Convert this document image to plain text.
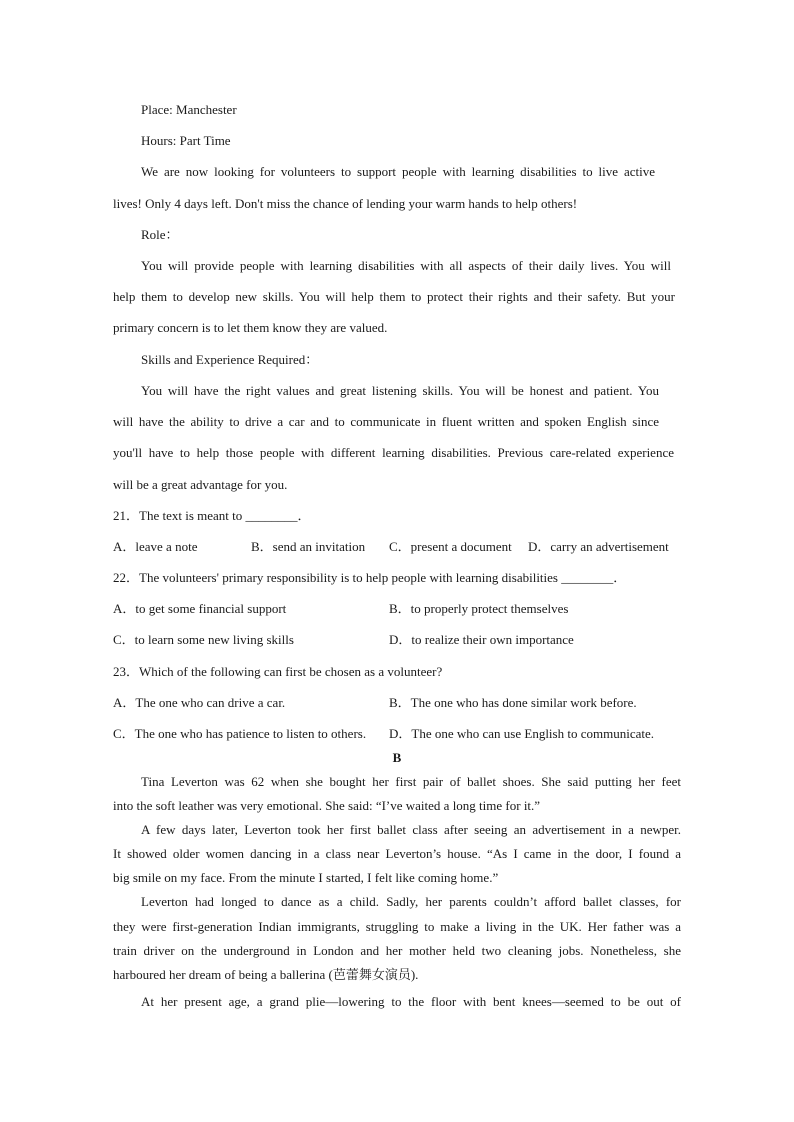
Place: Manchester
Hours: Part Time
We are now looking for volunteers to support people with learning disabilities to live active
lives! Only 4 days left. Don't miss the chance of lending your warm hands to help others!
Role：
You will provide people with learning disabilities with all aspects of their daily lives. You will
help them to develop new skills. You will help them to protect their rights and their safety. But your
primary concern is to let them know they are valued.
Skills and Experience Required：
You will have the right values and great listening skills. You will be honest and patient. You
will have the ability to drive a car and to communicate in fluent written and spoken English since
you'll have to help those people with different learning disabilities. Previous care-related experience
will be a great advantage for you.
21．The text is meant to ________．
A．leave a note	B．send an invitation C．present a document D．carry an advertisement
22．The volunteers' primary responsibility is to help people with learning disabilities ________．
A．to get some financial support	B．to properly protect themselves
C．to learn some new living skills	D．to realize their own importance
23．Which of the following can first be chosen as a volunteer?
A．The one who can drive a car.	B．The one who has done similar work before.
C．The one who has patience to listen to others. D．The one who can use English to communicate.
B
Tina Leverton was 62 when she bought her first pair of ballet shoes. She said putting her feet
into the soft leather was very emotional. She said: “I’ve waited a long time for it.”
A few days later, Leverton took her first ballet class after seeing an advertisement in a newper.
It showed older women dancing in a class near Leverton’s house. “As I came in the door, I found a
big smile on my face. From the minute I started, I felt like coming home.”
Leverton had longed to dance as a child. Sadly, her parents couldn’t afford ballet classes, for
they were first-generation Indian immigrants, struggling to make a living in the UK. Her father was a
train driver on the underground in London and her mother held two cleaning jobs. Nonetheless, she
harboured her dream of being a ballerina (芭蕾舞女演员).
At her present age, a grand plie—lowering to the floor with bent knees—seemed to be out of
